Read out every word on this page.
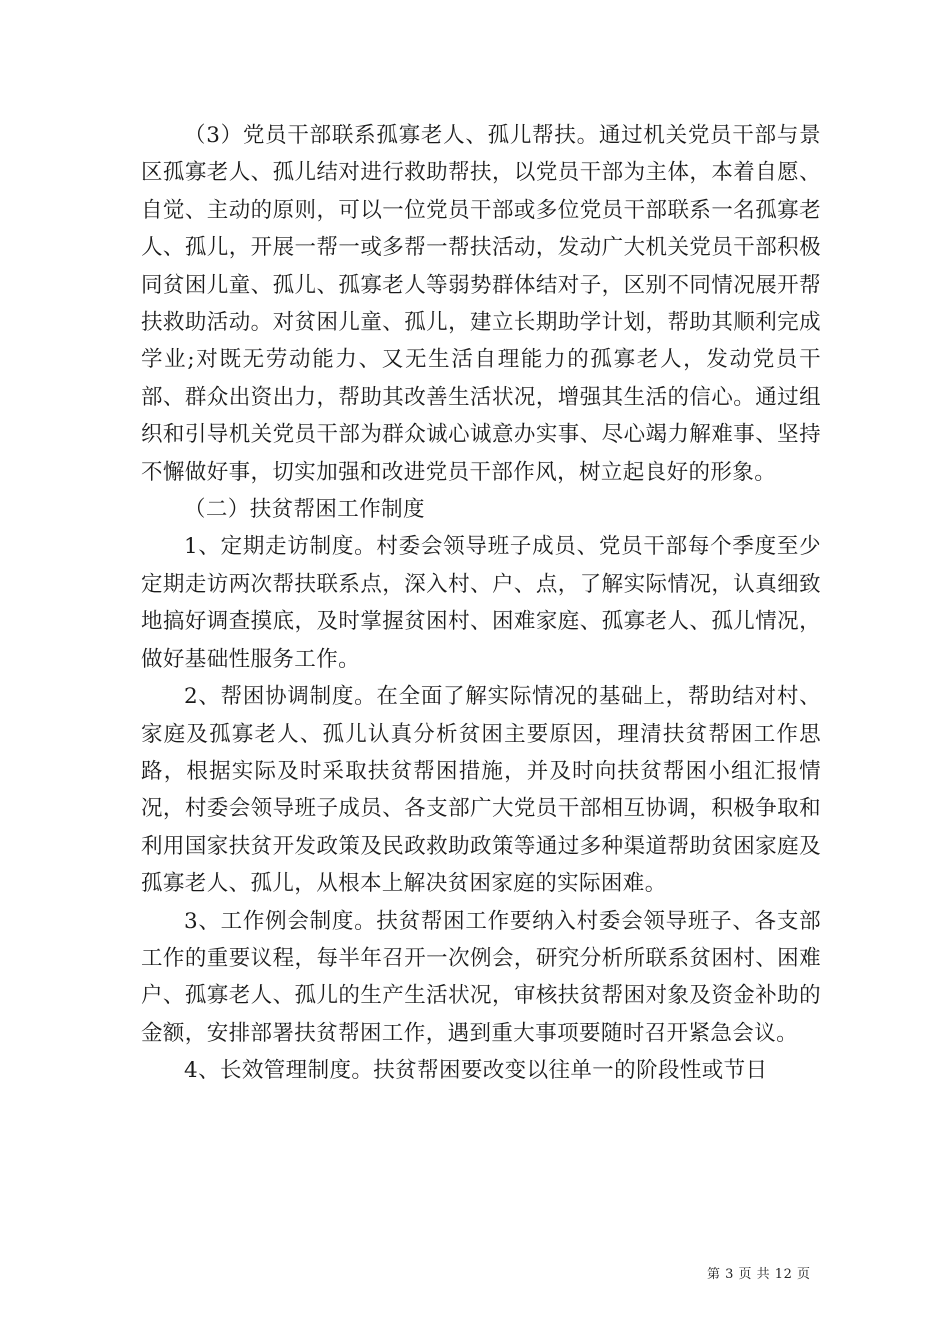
（3）党员干部联系孤寡老人、孤儿帮扶。通过机关党员干部与景区孤寡老人、孤儿结对进行救助帮扶，以党员干部为主体，本着自愿、自觉、主动的原则，可以一位党员干部或多位党员干部联系一名孤寡老人、孤儿，开展一帮一或多帮一帮扶活动，发动广大机关党员干部积极同贫困儿童、孤儿、孤寡老人等弱势群体结对子，区别不同情况展开帮扶救助活动。对贫困儿童、孤儿，建立长期助学计划，帮助其顺利完成学业;对既无劳动能力、又无生活自理能力的孤寡老人，发动党员干部、群众出资出力，帮助其改善生活状况，增强其生活的信心。通过组织和引导机关党员干部为群众诚心诚意办实事、尽心竭力解难事、坚持不懈做好事，切实加强和改进党员干部作风，树立起良好的形象。

（二）扶贫帮困工作制度

1、定期走访制度。村委会领导班子成员、党员干部每个季度至少定期走访两次帮扶联系点，深入村、户、点，了解实际情况，认真细致地搞好调查摸底，及时掌握贫困村、困难家庭、孤寡老人、孤儿情况，做好基础性服务工作。

2、帮困协调制度。在全面了解实际情况的基础上，帮助结对村、家庭及孤寡老人、孤儿认真分析贫困主要原因，理清扶贫帮困工作思路，根据实际及时采取扶贫帮困措施，并及时向扶贫帮困小组汇报情况，村委会领导班子成员、各支部广大党员干部相互协调，积极争取和利用国家扶贫开发政策及民政救助政策等通过多种渠道帮助贫困家庭及孤寡老人、孤儿，从根本上解决贫困家庭的实际困难。

3、工作例会制度。扶贫帮困工作要纳入村委会领导班子、各支部工作的重要议程，每半年召开一次例会，研究分析所联系贫困村、困难户、孤寡老人、孤儿的生产生活状况，审核扶贫帮困对象及资金补助的金额，安排部署扶贫帮困工作，遇到重大事项要随时召开紧急会议。

4、长效管理制度。扶贫帮困要改变以往单一的阶段性或节日

第 3 页 共 12 页
